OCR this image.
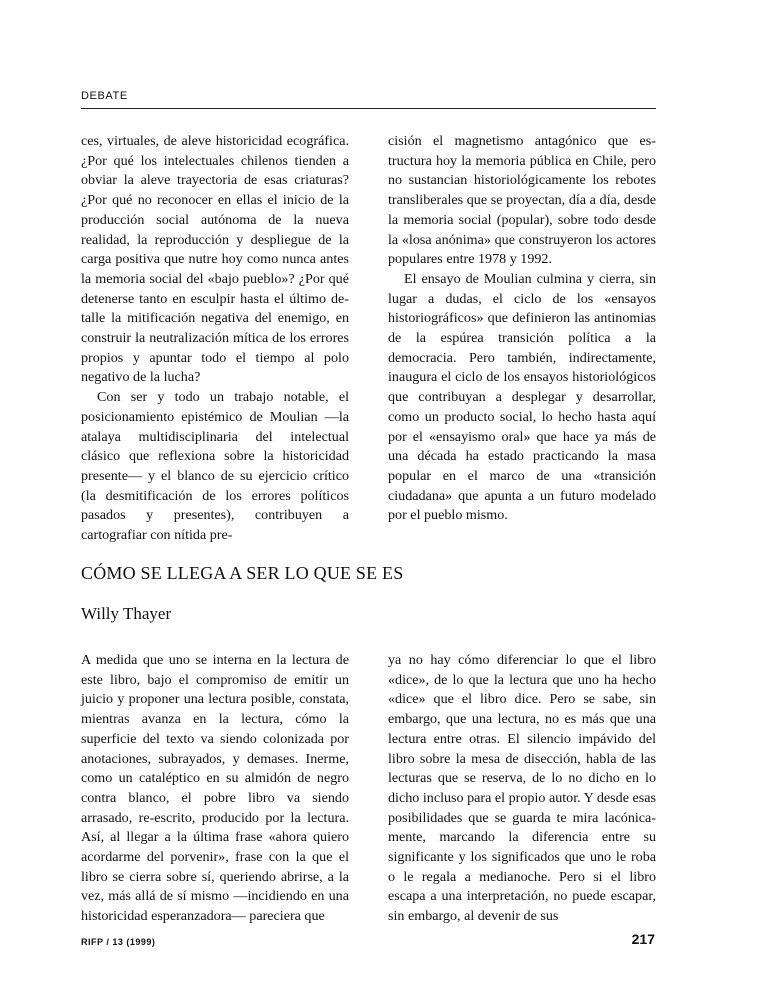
DEBATE

ces, virtuales, de aleve historicidad ecográfica. ¿Por qué los intelectuales chilenos tienden a obviar la aleve trayectoria de esas criaturas? ¿Por qué no reconocer en ellas el inicio de la producción social autónoma de la nueva realidad, la reproducción y despliegue de la carga positiva que nutre hoy como nunca antes la memoria social del «bajo pueblo»? ¿Por qué detenerse tanto en esculpir hasta el último detalle la mitificación negativa del enemigo, en construir la neutralización mítica de los errores propios y apuntar todo el tiempo al polo negativo de la lucha?

Con ser y todo un trabajo notable, el posicionamiento epistémico de Moulian —la atalaya multidisciplinaria del intelectual clásico que reflexiona sobre la historicidad presente— y el blanco de su ejercicio crítico (la desmitificación de los errores políticos pasados y presentes), contribuyen a cartografiar con nítida pre-

cisión el magnetismo antagónico que estructura hoy la memoria pública en Chile, pero no sustancian historiológicamente los rebotes transliberales que se proyectan, día a día, desde la memoria social (popular), sobre todo desde la «losa anónima» que construyeron los actores populares entre 1978 y 1992.

El ensayo de Moulian culmina y cierra, sin lugar a dudas, el ciclo de los «ensayos historiográficos» que definieron las antinomias de la espúrea transición política a la democracia. Pero también, indirectamente, inaugura el ciclo de los ensayos historiológicos que contribuyan a desplegar y desarrollar, como un producto social, lo hecho hasta aquí por el «ensayismo oral» que hace ya más de una década ha estado practicando la masa popular en el marco de una «transición ciudadana» que apunta a un futuro modelado por el pueblo mismo.

CÓMO SE LLEGA A SER LO QUE SE ES
Willy Thayer

A medida que uno se interna en la lectura de este libro, bajo el compromiso de emitir un juicio y proponer una lectura posible, constata, mientras avanza en la lectura, cómo la superficie del texto va siendo colonizada por anotaciones, subrayados, y demases. Inerme, como un cataléptico en su almidón de negro contra blanco, el pobre libro va siendo arrasado, re-escrito, producido por la lectura. Así, al llegar a la última frase «ahora quiero acordarme del porvenir», frase con la que el libro se cierra sobre sí, queriendo abrirse, a la vez, más allá de sí mismo —incidiendo en una historicidad esperanzadora— pareciera que

ya no hay cómo diferenciar lo que el libro «dice», de lo que la lectura que uno ha hecho «dice» que el libro dice. Pero se sabe, sin embargo, que una lectura, no es más que una lectura entre otras. El silencio impávido del libro sobre la mesa de disección, habla de las lecturas que se reserva, de lo no dicho en lo dicho incluso para el propio autor. Y desde esas posibilidades que se guarda te mira lacónicamente, marcando la diferencia entre su significante y los significados que uno le roba o le regala a medianoche. Pero si el libro escapa a una interpretación, no puede escapar, sin embargo, al devenir de sus

RIFP / 13 (1999)	217
